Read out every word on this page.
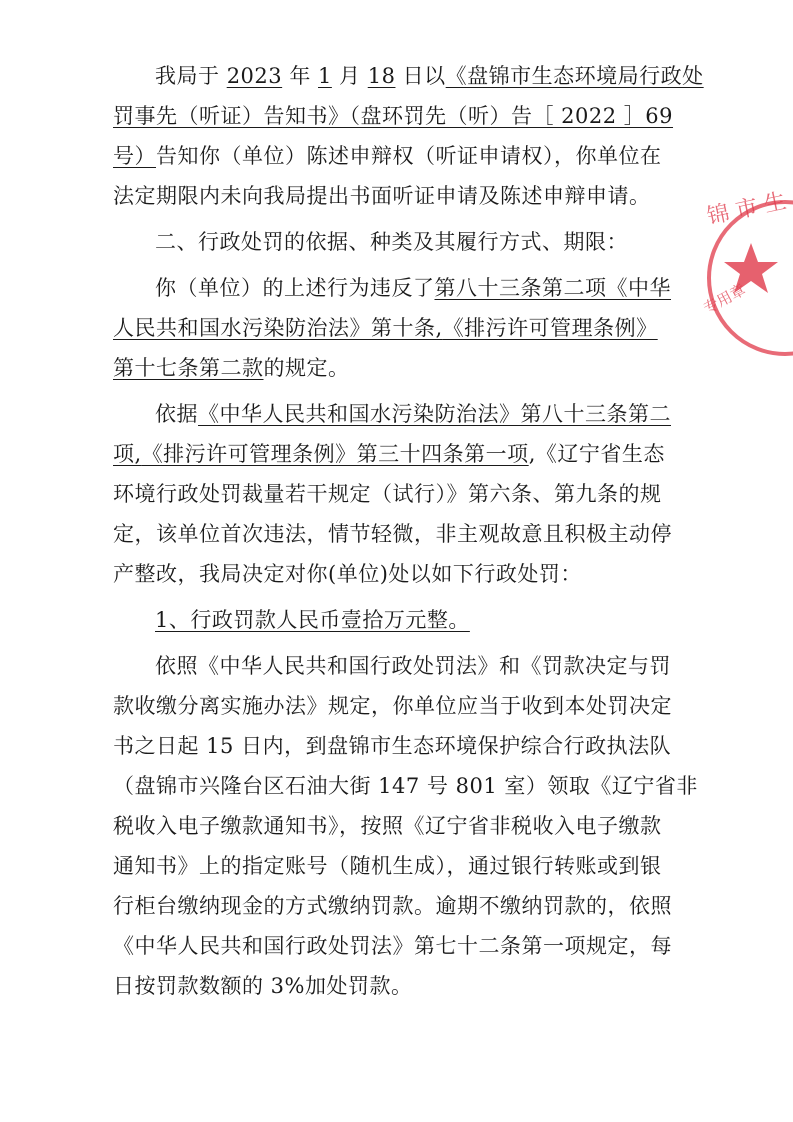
我局于 2023 年 1 月 18 日以《盘锦市生态环境局行政处
罚事先（听证）告知书》（盘环罚先（听）告［ 2022 ］69
号）告知你（单位）陈述申辩权（听证申请权），你单位在
法定期限内未向我局提出书面听证申请及陈述申辩申请。
二、行政处罚的依据、种类及其履行方式、期限：
你（单位）的上述行为违反了第八十三条第二项《中华
人民共和国水污染防治法》第十条,《排污许可管理条例》
第十七条第二款的规定。
依据《中华人民共和国水污染防治法》第八十三条第二
项,《排污许可管理条例》第三十四条第一项,《辽宁省生态
环境行政处罚裁量若干规定（试行）》第六条、第九条的规
定，该单位首次违法，情节轻微，非主观故意且积极主动停
产整改，我局决定对你(单位)处以如下行政处罚：
1、行政罚款人民币壹拾万元整。
依照《中华人民共和国行政处罚法》和《罚款决定与罚
款收缴分离实施办法》规定，你单位应当于收到本处罚决定
书之日起 15 日内，到盘锦市生态环境保护综合行政执法队
（盘锦市兴隆台区石油大街 147 号 801 室）领取《辽宁省非
税收入电子缴款通知书》，按照《辽宁省非税收入电子缴款
通知书》上的指定账号（随机生成），通过银行转账或到银
行柜台缴纳现金的方式缴纳罚款。逾期不缴纳罚款的，依照
《中华人民共和国行政处罚法》第七十二条第一项规定，每
日按罚款数额的 3%加处罚款。
锦 市 生
专用章
